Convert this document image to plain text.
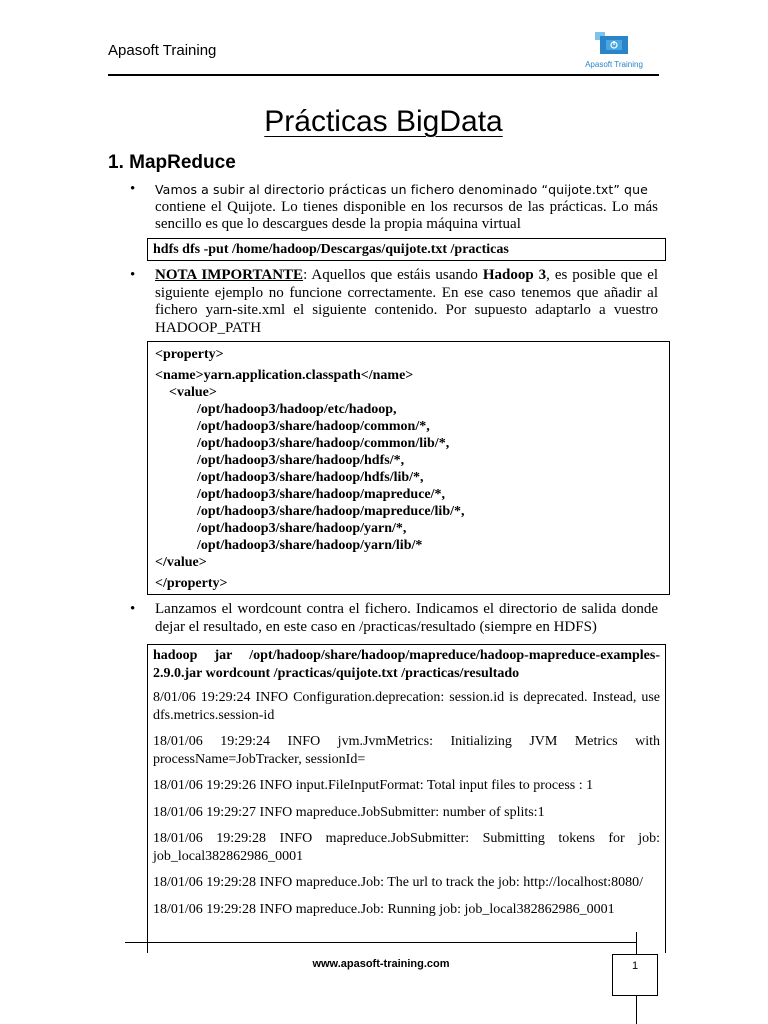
Apasoft Training
Apasoft Training
Prácticas BigData
1. MapReduce
• Vamos a subir al directorio prácticas un fichero denominado “quijote.txt” que
contiene el Quijote. Lo tienes disponible en los recursos de las prácticas. Lo más sencillo es que lo descargues desde la propia máquina virtual
hdfs dfs -put /home/hadoop/Descargas/quijote.txt /practicas
• NOTA IMPORTANTE: Aquellos que estáis usando Hadoop 3, es posible que el siguiente ejemplo no funcione correctamente. En ese caso tenemos que añadir al fichero yarn-site.xml el siguiente contenido. Por supuesto adaptarlo a vuestro HADOOP_PATH
<property>
<name>yarn.application.classpath</name>
<value>
/opt/hadoop3/hadoop/etc/hadoop,
/opt/hadoop3/share/hadoop/common/*,
/opt/hadoop3/share/hadoop/common/lib/*,
/opt/hadoop3/share/hadoop/hdfs/*,
/opt/hadoop3/share/hadoop/hdfs/lib/*,
/opt/hadoop3/share/hadoop/mapreduce/*,
/opt/hadoop3/share/hadoop/mapreduce/lib/*,
/opt/hadoop3/share/hadoop/yarn/*,
/opt/hadoop3/share/hadoop/yarn/lib/*
</value>
</property>
• Lanzamos el wordcount contra el fichero. Indicamos el directorio de salida donde dejar el resultado, en este caso en /practicas/resultado (siempre en HDFS)

hadoop jar /opt/hadoop/share/hadoop/mapreduce/hadoop-mapreduce-examples-2.9.0.jar wordcount /practicas/quijote.txt /practicas/resultado

8/01/06 19:29:24 INFO Configuration.deprecation: session.id is deprecated. Instead, use dfs.metrics.session-id

18/01/06 19:29:24 INFO jvm.JvmMetrics: Initializing JVM Metrics with processName=JobTracker, sessionId=

18/01/06 19:29:26 INFO input.FileInputFormat: Total input files to process : 1

18/01/06 19:29:27 INFO mapreduce.JobSubmitter: number of splits:1

18/01/06 19:29:28 INFO mapreduce.JobSubmitter: Submitting tokens for job: job_local382862986_0001

18/01/06 19:29:28 INFO mapreduce.Job: The url to track the job: http://localhost:8080/

18/01/06 19:29:28 INFO mapreduce.Job: Running job: job_local382862986_0001

www.apasoft-training.com	1
